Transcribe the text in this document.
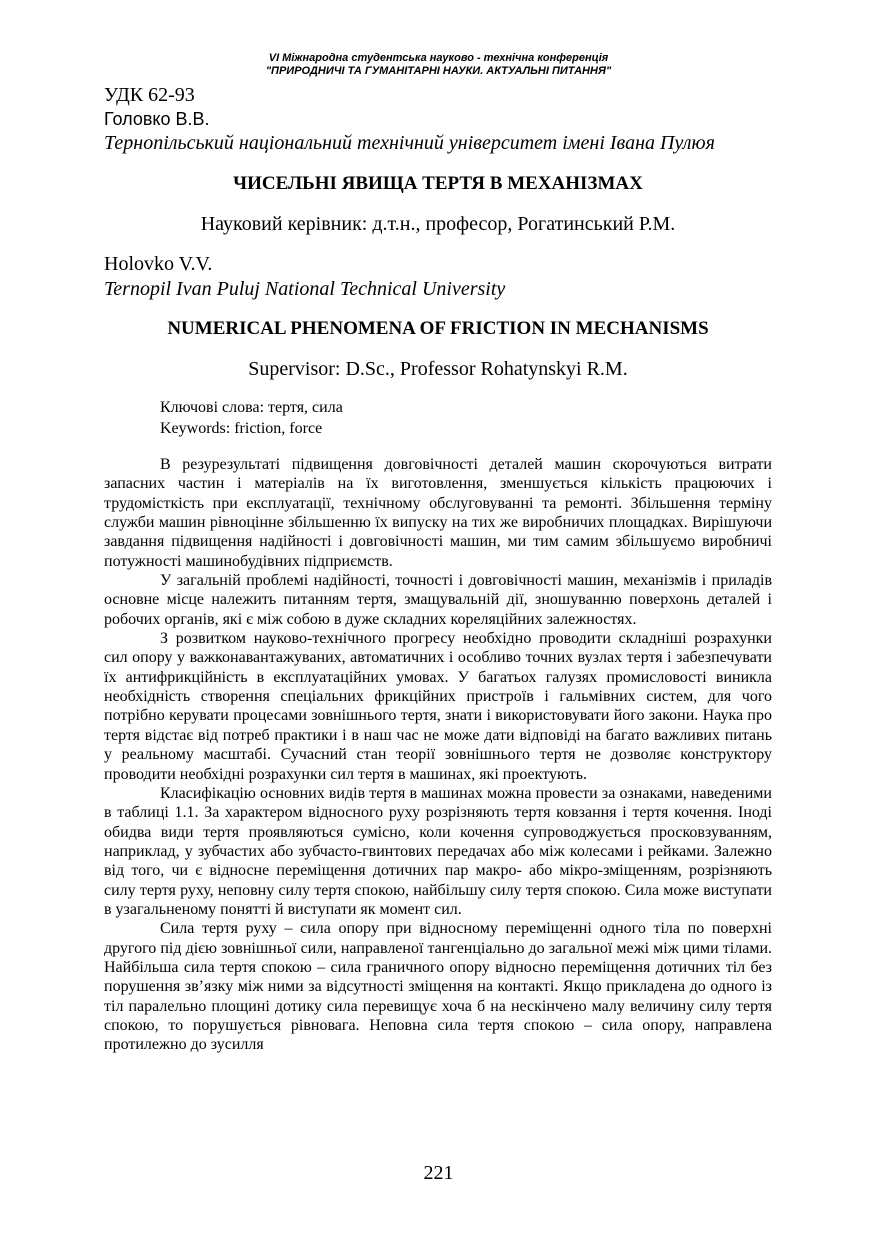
VI Міжнародна студентська науково - технічна конференція
"ПРИРОДНИЧІ ТА ГУМАНІТАРНІ НАУКИ. АКТУАЛЬНІ ПИТАННЯ"
УДК 62-93
Головко В.В.
Тернопільський національний технічний університет імені Івана Пулюя
ЧИСЕЛЬНІ ЯВИЩА ТЕРТЯ В МЕХАНІЗМАХ
Науковий керівник: д.т.н., професор, Рогатинський Р.М.
Holovko V.V.
Ternopil Ivan Puluj National Technical University
NUMERICAL PHENOMENA OF FRICTION IN MECHANISMS
Supervisor: D.Sc., Professor Rohatynskyi R.M.
Ключові слова: тертя, сила
Keywords: friction, force

В резурезультаті підвищення довговічності деталей машин скорочуються витрати запасних частин і матеріалів на їх виготовлення, зменшується кількість працюючих і трудомісткість при експлуатації, технічному обслуговуванні та ремонті. Збільшення терміну служби машин рівноцінне збільшенню їх випуску на тих же виробничих площадках. Вирішуючи завдання підвищення надійності і довговічності машин, ми тим самим збільшуємо виробничі потужності машинобудівних підприємств.

У загальній проблемі надійності, точності і довговічності машин, механізмів і приладів основне місце належить питанням тертя, змащувальній дії, зношуванню поверхонь деталей і робочих органів, які є між собою в дуже складних кореляційних залежностях.

З розвитком науково-технічного прогресу необхідно проводити складніші розрахунки сил опору у важконавантажуваних, автоматичних і особливо точних вузлах тертя і забезпечувати їх антифрикційність в експлуатаційних умовах. У багатьох галузях промисловості виникла необхідність створення спеціальних фрикційних пристроїв і гальмівних систем, для чого потрібно керувати процесами зовнішнього тертя, знати і використовувати його закони. Наука про тертя відстає від потреб практики і в наш час не може дати відповіді на багато важливих питань у реальному масштабі. Сучасний стан теорії зовнішнього тертя не дозволяє конструктору проводити необхідні розрахунки сил тертя в машинах, які проектують.

Класифікацію основних видів тертя в машинах можна провести за ознаками, наведеними в таблиці 1.1. За характером відносного руху розрізняють тертя ковзання і тертя кочення. Іноді обидва види тертя проявляються сумісно, коли кочення супроводжується просковзуванням, наприклад, у зубчастих або зубчасто-гвинтових передачах або між колесами і рейками. Залежно від того, чи є відносне переміщення дотичних пар макро- або мікро-зміщенням, розрізняють силу тертя руху, неповну силу тертя спокою, найбільшу силу тертя спокою. Сила може виступати в узагальненому понятті й виступати як момент сил.

Сила тертя руху – сила опору при відносному переміщенні одного тіла по поверхні другого під дією зовнішньої сили, направленої тангенціально до загальної межі між цими тілами. Найбільша сила тертя спокою – сила граничного опору відносно переміщення дотичних тіл без порушення зв’язку між ними за відсутності зміщення на контакті. Якщо прикладена до одного із тіл паралельно площині дотику сила перевищує хоча б на нескінчено малу величину силу тертя спокою, то порушується рівновага. Неповна сила тертя спокою – сила опору, направлена протилежно до зусилля

221
